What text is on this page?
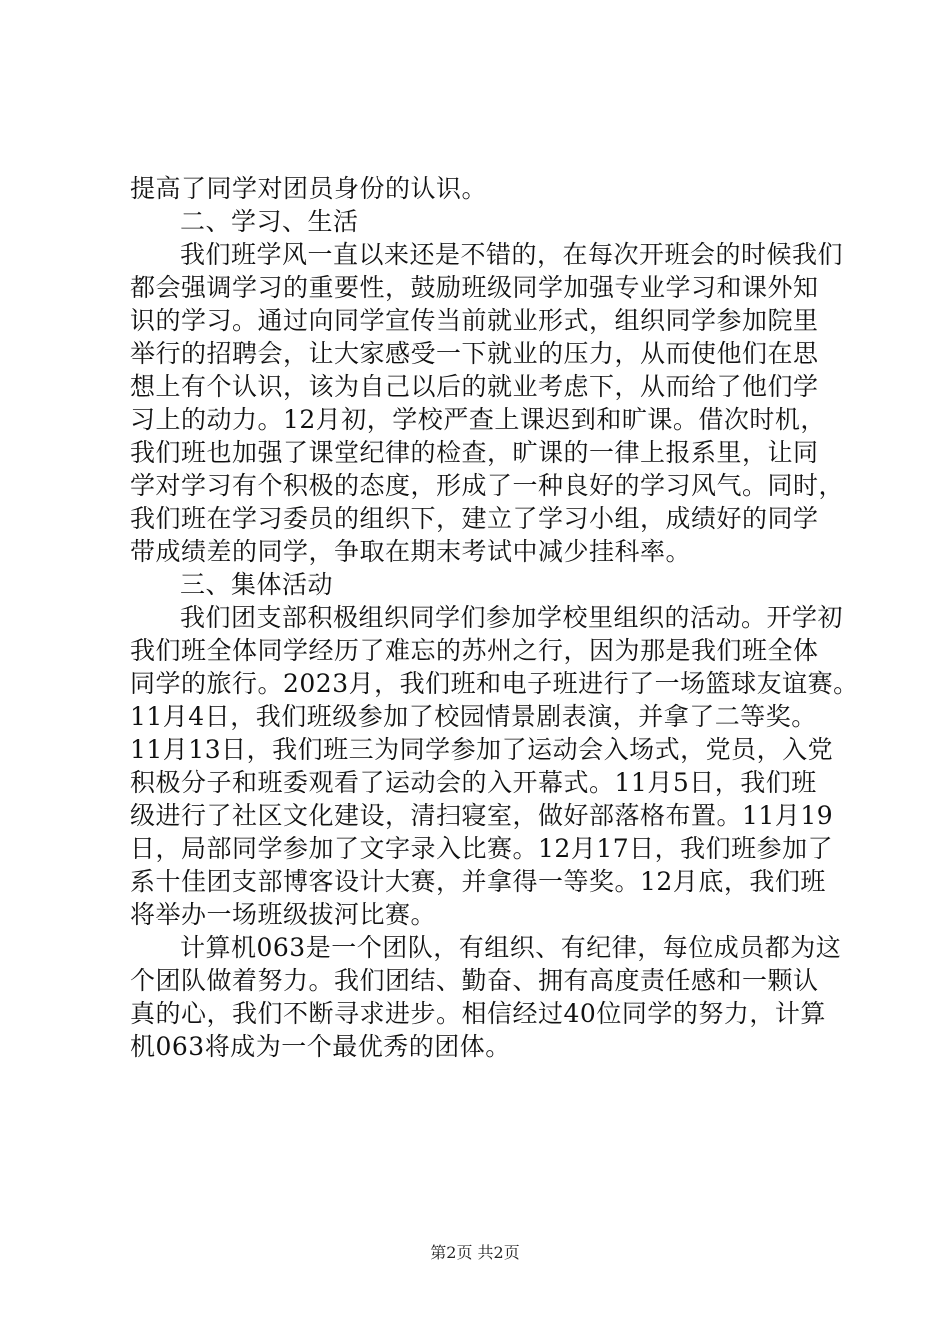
提高了同学对团员身份的认识。
二、学习、生活
我们班学风一直以来还是不错的，在每次开班会的时候我们
都会强调学习的重要性，鼓励班级同学加强专业学习和课外知
识的学习。通过向同学宣传当前就业形式，组织同学参加院里
举行的招聘会，让大家感受一下就业的压力，从而使他们在思
想上有个认识，该为自己以后的就业考虑下，从而给了他们学
习上的动力。12月初，学校严查上课迟到和旷课。借次时机，
我们班也加强了课堂纪律的检查，旷课的一律上报系里，让同
学对学习有个积极的态度，形成了一种良好的学习风气。同时，
我们班在学习委员的组织下，建立了学习小组，成绩好的同学
带成绩差的同学，争取在期末考试中减少挂科率。
三、集体活动
我们团支部积极组织同学们参加学校里组织的活动。开学初
我们班全体同学经历了难忘的苏州之行，因为那是我们班全体
同学的旅行。2023月，我们班和电子班进行了一场篮球友谊赛。
11月4日，我们班级参加了校园情景剧表演，并拿了二等奖。
11月13日，我们班三为同学参加了运动会入场式，党员，入党
积极分子和班委观看了运动会的入开幕式。11月5日，我们班
级进行了社区文化建设，清扫寝室，做好部落格布置。11月19
日，局部同学参加了文字录入比赛。12月17日，我们班参加了
系十佳团支部博客设计大赛，并拿得一等奖。12月底，我们班
将举办一场班级拔河比赛。
计算机063是一个团队，有组织、有纪律，每位成员都为这
个团队做着努力。我们团结、勤奋、拥有高度责任感和一颗认
真的心，我们不断寻求进步。相信经过40位同学的努力，计算
机063将成为一个最优秀的团体。
第2页 共2页
